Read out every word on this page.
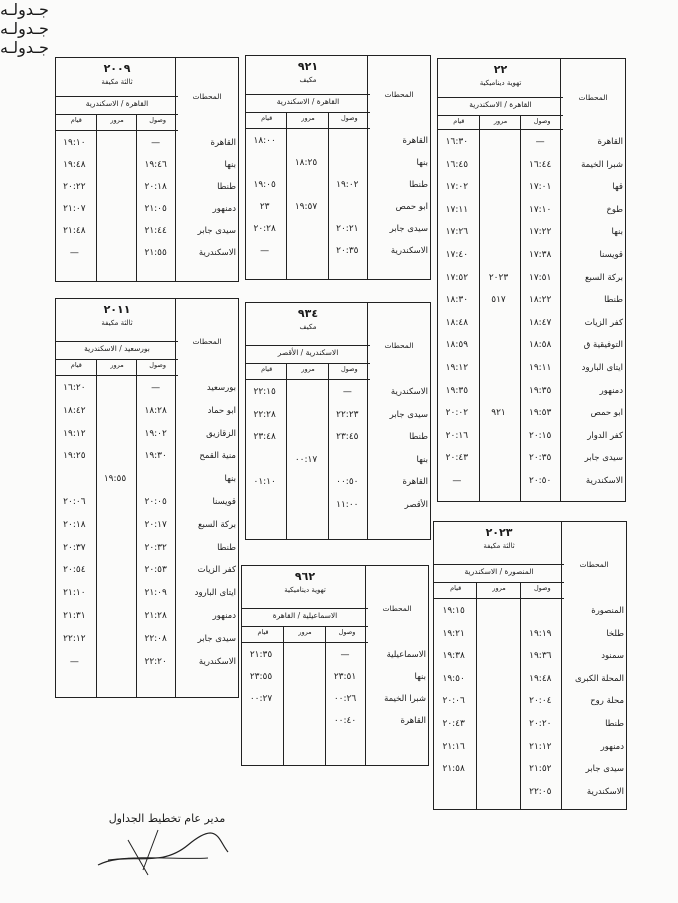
المحطات
٢٠٠٩
ثالثة مكيفة
القاهرة / الاسكندرية
وصول
مرور
قيام
القاهرة
—
١٩:١٠
بنها
١٩:٤٦
١٩:٤٨
طنطا
٢٠:١٨
٢٠:٢٢
دمنهور
٢١:٠٥
٢١:٠٧
سيدى جابر
٢١:٤٤
٢١:٤٨
الاسكندرية
٢١:٥٥
—
المحطات
٩٢١
مكيف
القاهرة / الاسكندرية
وصول
مرور
قيام
القاهرة
١٨:٠٠
بنها
١٨:٢٥
طنطا
١٩:٠٢
١٩:٠٥
ابو حمص
١٩:٥٧
٢٣
سيدى جابر
٢٠:٢١
٢٠:٢٨
الاسكندرية
٢٠:٣٥
—
المحطات
٢٢
تهوية ديناميكية
القاهرة / الاسكندرية
وصول
مرور
قيام
القاهرة
—
١٦:٣٠
شبرا الخيمة
١٦:٤٤
١٦:٤٥
قها
١٧:٠١
١٧:٠٢
طوخ
١٧:١٠
١٧:١١
بنها
١٧:٢٢
١٧:٢٦
قويسنا
١٧:٣٨
١٧:٤٠
بركة السبع
١٧:٥١
٢٠٢٣
١٧:٥٢
طنطا
١٨:٢٢
٥١٧
١٨:٣٠
كفر الزيات
١٨:٤٧
١٨:٤٨
التوفيقية ق
١٨:٥٨
١٨:٥٩
ايتاى البارود
١٩:١١
١٩:١٢
دمنهور
١٩:٣٥
١٩:٣٥
ابو حمص
١٩:٥٣
٩٢١
٢٠:٠٢
كفر الدوار
٢٠:١٥
٢٠:١٦
سيدى جابر
٢٠:٣٥
٢٠:٤٣
الاسكندرية
٢٠:٥٠
—
المحطات
٢٠١١
ثالثة مكيفة
بورسعيد / الاسكندرية
وصول
مرور
قيام
بورسعيد
—
١٦:٢٠
ابو حماد
١٨:٢٨
١٨:٤٢
الزقازيق
١٩:٠٢
١٩:١٢
منية القمح
١٩:٣٠
١٩:٢٥
بنها
١٩:٥٥
قويسنا
٢٠:٠٥
٢٠:٠٦
بركة السبع
٢٠:١٧
٢٠:١٨
طنطا
٢٠:٣٢
٢٠:٣٧
كفر الزيات
٢٠:٥٣
٢٠:٥٤
ايتاى البارود
٢١:٠٩
٢١:١٠
دمنهور
٢١:٢٨
٢١:٣١
سيدى جابر
٢٢:٠٨
٢٢:١٢
الاسكندرية
٢٢:٢٠
—
المحطات
٩٣٤
مكيف
الاسكندرية / الأقصر
وصول
مرور
قيام
الاسكندرية
—
٢٢:١٥
سيدى جابر
٢٢:٢٣
٢٢:٢٨
طنطا
٢٣:٤٥
٢٣:٤٨
بنها
٠٠:١٧
القاهرة
٠٠:٥٠
٠١:١٠
الأقصر
١١:٠٠
المحطات
٩٦٢
تهوية ديناميكية
الاسماعيلية / القاهرة
وصول
مرور
قيام
الاسماعيلية
—
٢١:٣٥
بنها
٢٣:٥١
٢٣:٥٥
شبرا الخيمة
٠٠:٢٦
٠٠:٢٧
القاهرة
٠٠:٤٠
المحطات
٢٠٢٣
ثالثة مكيفة
المنصورة / الاسكندرية
وصول
مرور
قيام
المنصورة
١٩:١٥
طلخا
١٩:١٩
١٩:٢١
سمنود
١٩:٣٦
١٩:٣٨
المحلة الكبرى
١٩:٤٨
١٩:٥٠
محلة روح
٢٠:٠٤
٢٠:٠٦
طنطا
٢٠:٢٠
٢٠:٤٣
دمنهور
٢١:١٢
٢١:١٦
سيدى جابر
٢١:٥٢
٢١:٥٨
الاسكندرية
٢٢:٠٥
مدير عام تخطيط الجداول
جـدولـه
جـدولـه
جـدولـه
